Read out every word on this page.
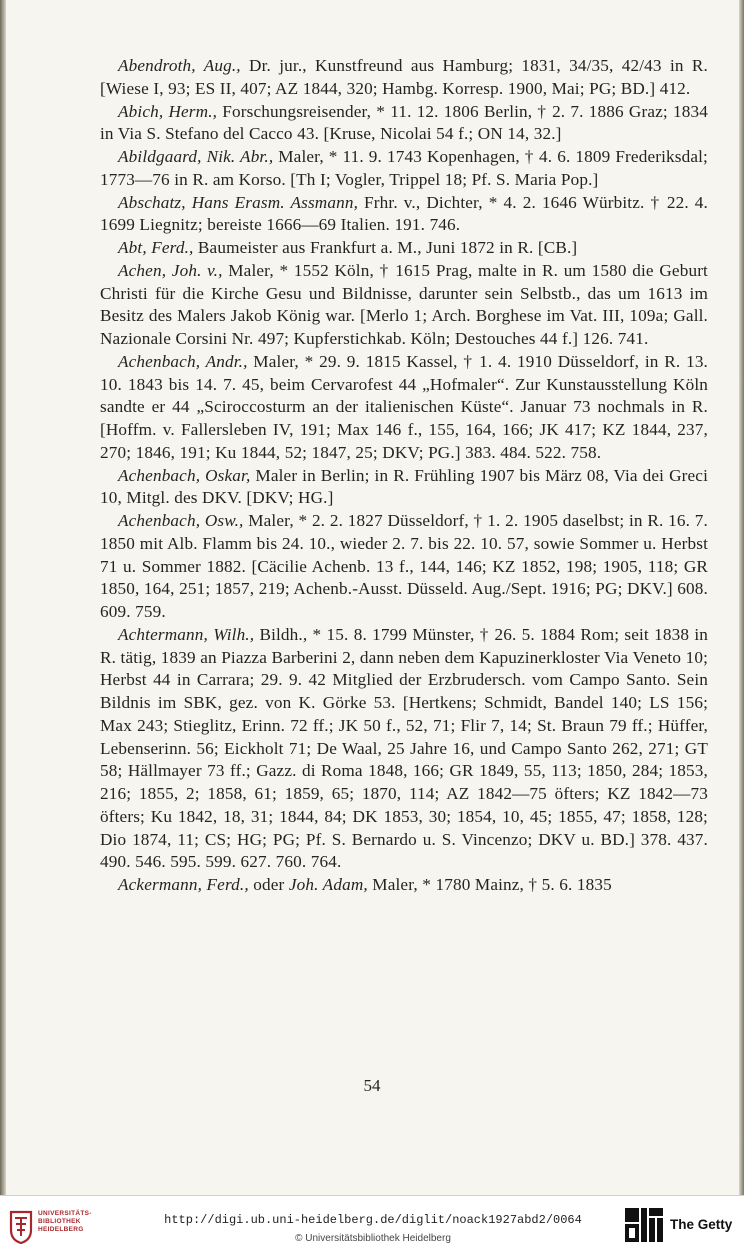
Abendroth, Aug., Dr. jur., Kunstfreund aus Hamburg; 1831, 34/35, 42/43 in R. [Wiese I, 93; ES II, 407; AZ 1844, 320; Hambg. Korresp. 1900, Mai; PG; BD.] 412.

Abich, Herm., Forschungsreisender, * 11. 12. 1806 Berlin, † 2. 7. 1886 Graz; 1834 in Via S. Stefano del Cacco 43. [Kruse, Nicolai 54 f.; ON 14, 32.]

Abildgaard, Nik. Abr., Maler, * 11. 9. 1743 Kopenhagen, † 4. 6. 1809 Frederiksdal; 1773—76 in R. am Korso. [Th I; Vogler, Trippel 18; Pf. S. Maria Pop.]

Abschatz, Hans Erasm. Assmann, Frhr. v., Dichter, * 4. 2. 1646 Würbitz. † 22. 4. 1699 Liegnitz; bereiste 1666—69 Italien. 191. 746.

Abt, Ferd., Baumeister aus Frankfurt a. M., Juni 1872 in R. [CB.]

Achen, Joh. v., Maler, * 1552 Köln, † 1615 Prag, malte in R. um 1580 die Geburt Christi für die Kirche Gesu und Bildnisse, darunter sein Selbstb., das um 1613 im Besitz des Malers Jakob König war. [Merlo 1; Arch. Borghese im Vat. III, 109a; Gall. Nazionale Corsini Nr. 497; Kupferstichkab. Köln; Destouches 44 f.] 126. 741.

Achenbach, Andr., Maler, * 29. 9. 1815 Kassel, † 1. 4. 1910 Düsseldorf, in R. 13. 10. 1843 bis 14. 7. 45, beim Cervarofest 44 „Hofmaler“. Zur Kunstausstellung Köln sandte er 44 „Sciroccosturm an der italienischen Küste“. Januar 73 nochmals in R. [Hoffm. v. Fallersleben IV, 191; Max 146 f., 155, 164, 166; JK 417; KZ 1844, 237, 270; 1846, 191; Ku 1844, 52; 1847, 25; DKV; PG.] 383. 484. 522. 758.

Achenbach, Oskar, Maler in Berlin; in R. Frühling 1907 bis März 08, Via dei Greci 10, Mitgl. des DKV. [DKV; HG.]

Achenbach, Osw., Maler, * 2. 2. 1827 Düsseldorf, † 1. 2. 1905 daselbst; in R. 16. 7. 1850 mit Alb. Flamm bis 24. 10., wieder 2. 7. bis 22. 10. 57, sowie Sommer u. Herbst 71 u. Sommer 1882. [Cäcilie Achenb. 13 f., 144, 146; KZ 1852, 198; 1905, 118; GR 1850, 164, 251; 1857, 219; Achenb.-Ausst. Düsseld. Aug./Sept. 1916; PG; DKV.] 608. 609. 759.

Achtermann, Wilh., Bildh., * 15. 8. 1799 Münster, † 26. 5. 1884 Rom; seit 1838 in R. tätig, 1839 an Piazza Barberini 2, dann neben dem Kapuzinerkloster Via Veneto 10; Herbst 44 in Carrara; 29. 9. 42 Mitglied der Erzbrudersch. vom Campo Santo. Sein Bildnis im SBK, gez. von K. Görke 53. [Hertkens; Schmidt, Bandel 140; LS 156; Max 243; Stieglitz, Erinn. 72 ff.; JK 50 f., 52, 71; Flir 7, 14; St. Braun 79 ff.; Hüffer, Lebenserinn. 56; Eickholt 71; De Waal, 25 Jahre 16, und Campo Santo 262, 271; GT 58; Hällmayer 73 ff.; Gazz. di Roma 1848, 166; GR 1849, 55, 113; 1850, 284; 1853, 216; 1855, 2; 1858, 61; 1859, 65; 1870, 114; AZ 1842—75 öfters; KZ 1842—73 öfters; Ku 1842, 18, 31; 1844, 84; DK 1853, 30; 1854, 10, 45; 1855, 47; 1858, 128; Dio 1874, 11; CS; HG; PG; Pf. S. Bernardo u. S. Vincenzo; DKV u. BD.] 378. 437. 490. 546. 595. 599. 627. 760. 764.

Ackermann, Ferd., oder Joh. Adam, Maler, * 1780 Mainz, † 5. 6. 1835

54
UNIVERSITÄTS-
BIBLIOTHEK
HEIDELBERG
http://digi.ub.uni-heidelberg.de/diglit/noack1927abd2/0064
© Universitätsbibliothek Heidelberg
The Getty
